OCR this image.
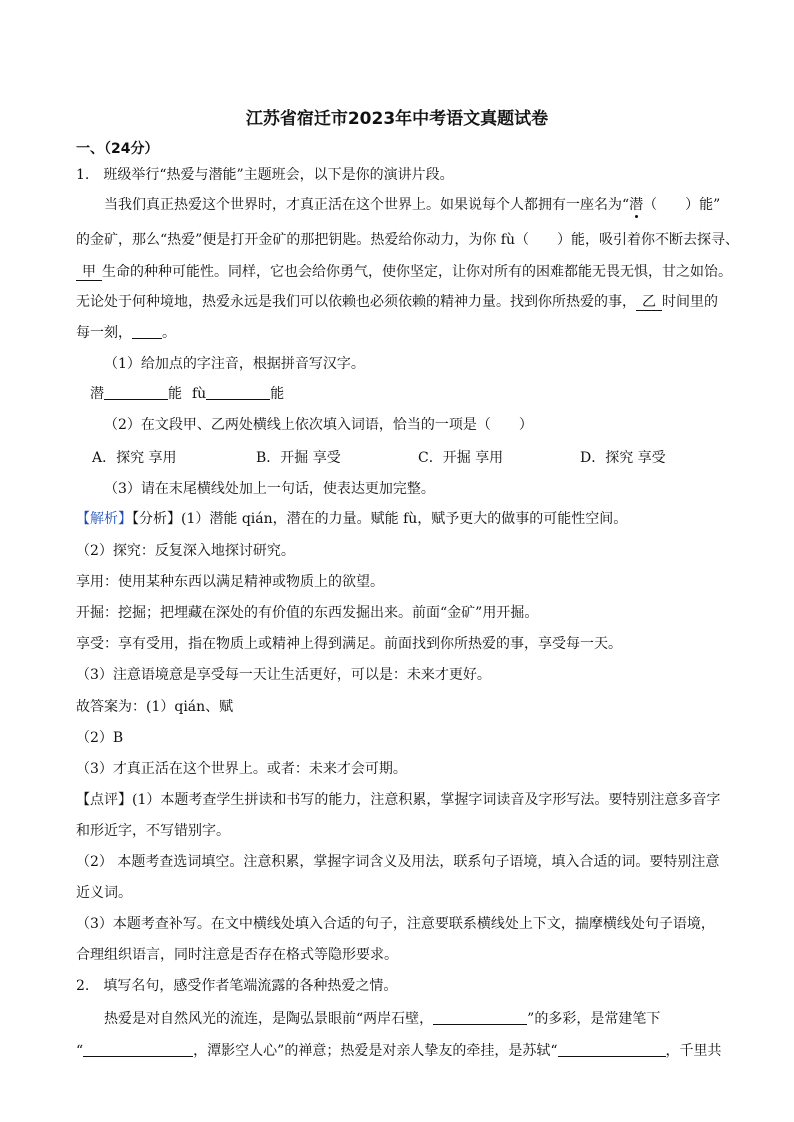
江苏省宿迁市2023年中考语文真题试卷
一、（24分）
1. 班级举行“热爱与潜能”主题班会，以下是你的演讲片段。
当我们真正热爱这个世界时，才真正活在这个世界上。如果说每个人都拥有一座名为“潜（　　）能”
的金矿，那么“热爱”便是打开金矿的那把钥匙。热爱给你动力，为你 fù（　　）能，吸引着你不断去探寻、
甲 生命的种种可能性。同样，它也会给你勇气，使你坚定，让你对所有的困难都能无畏无惧，甘之如饴。
无论处于何种境地，热爱永远是我们可以依赖也必须依赖的精神力量。找到你所热爱的事， 乙 时间里的
每一刻， 。
（1）给加点的字注音，根据拼音写汉字。
潜	能 fù	能
（2）在文段甲、乙两处横线上依次填入词语，恰当的一项是（　　）
A．探究 享用	B．开掘 享受	C．开掘 享用	D．探究 享受
（3）请在末尾横线处加上一句话，使表达更加完整。
【解析】【分析】(1）潜能 qián，潜在的力量。赋能 fù，赋予更大的做事的可能性空间。
（2）探究：反复深入地探讨研究。
享用：使用某种东西以满足精神或物质上的欲望。
开掘：挖掘；把埋藏在深处的有价值的东西发掘出来。前面“金矿”用开掘。
享受：享有受用，指在物质上或精神上得到满足。前面找到你所热爱的事，享受每一天。
（3）注意语境意是享受每一天让生活更好，可以是：未来才更好。
故答案为：(1）qián、赋
（2）B
（3）才真正活在这个世界上。或者：未来才会可期。
【点评】(1）本题考查学生拼读和书写的能力，注意积累，掌握字词读音及字形写法。要特别注意多音字
和形近字，不写错别字。
（2） 本题考查选词填空。注意积累，掌握字词含义及用法，联系句子语境，填入合适的词。要特别注意
近义词。
（3）本题考查补写。在文中横线处填入合适的句子，注意要联系横线处上下文，揣摩横线处句子语境，
合理组织语言，同时注意是否存在格式等隐形要求。
2. 填写名句，感受作者笔端流露的各种热爱之情。
热爱是对自然风光的流连，是陶弘景眼前“两岸石壁，	”的多彩，是常建笔下
“	，潭影空人心”的禅意；热爱是对亲人挚友的牵挂，是苏轼“	，千里共
